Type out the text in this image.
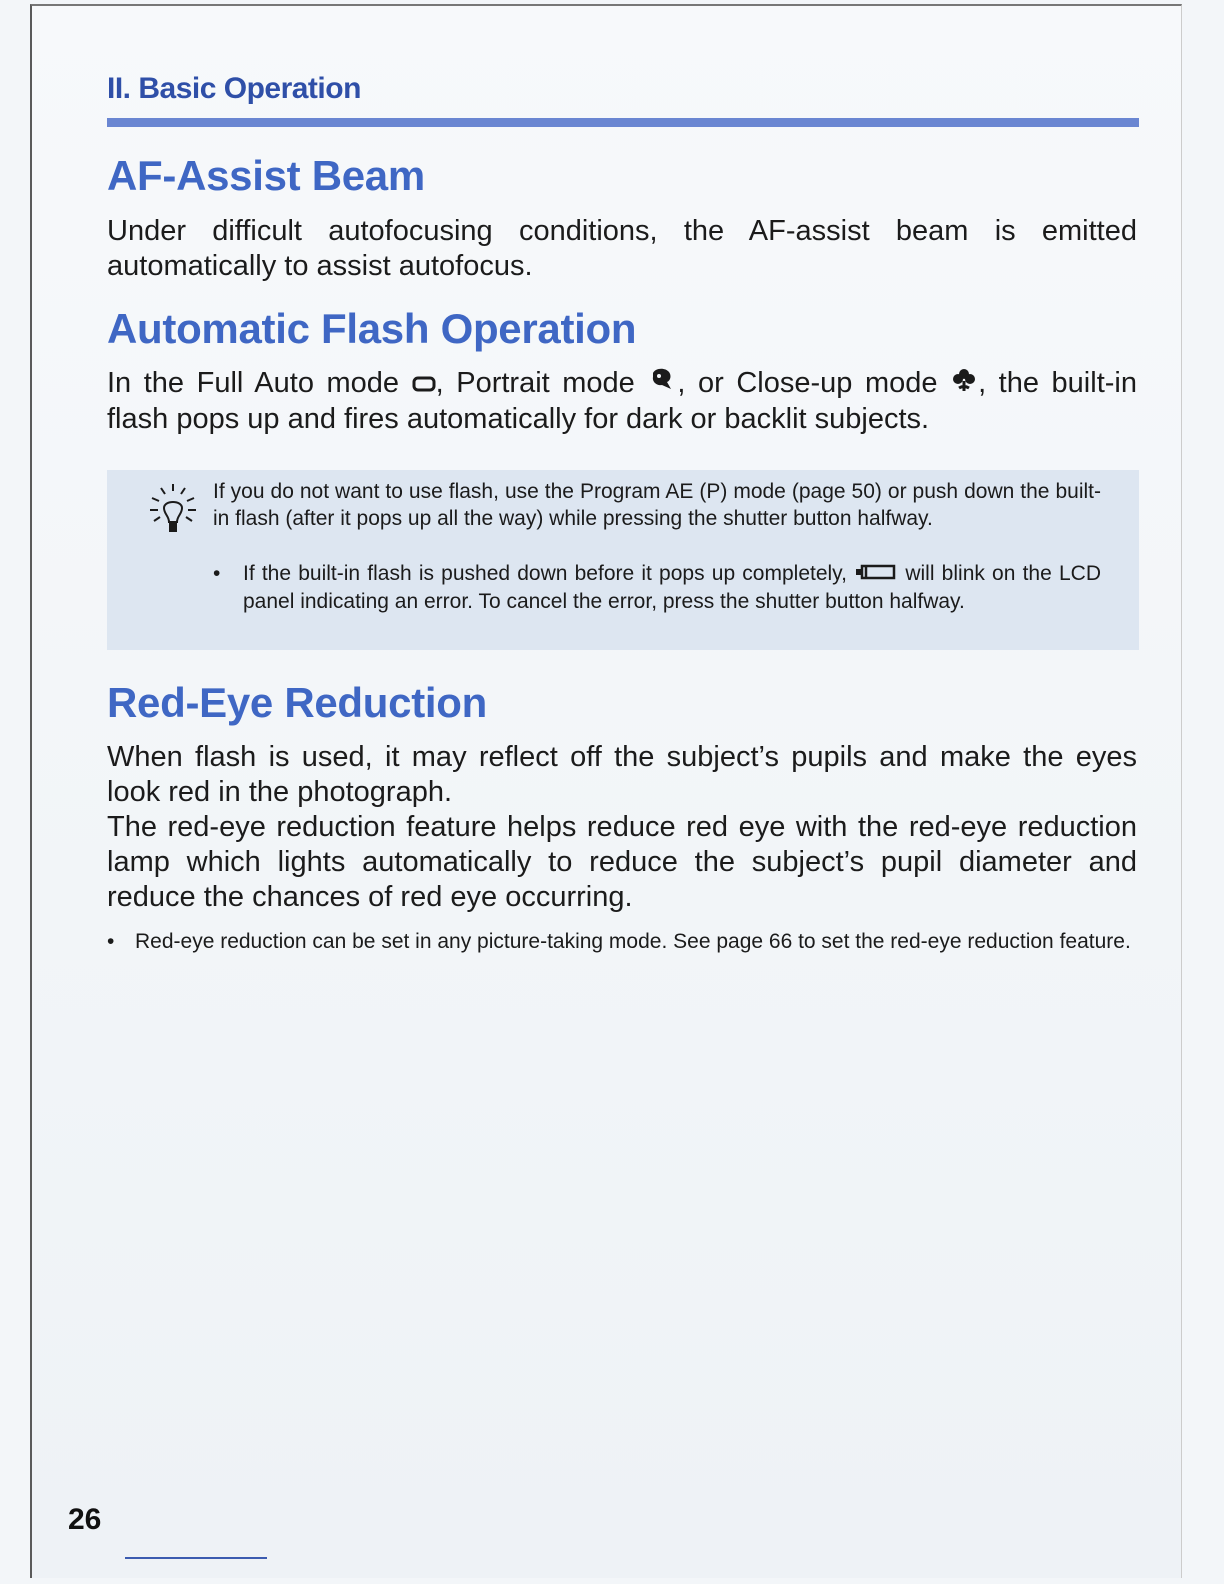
II. Basic Operation
AF-Assist Beam

Under difficult autofocusing conditions, the AF-assist beam is emitted automatically to assist autofocus.

Automatic Flash Operation

In the Full Auto mode , Portrait mode , or Close-up mode , the built-in flash pops up and fires automatically for dark or backlit subjects.

If you do not want to use flash, use the Program AE (P) mode (page 50) or push down the built-in flash (after it pops up all the way) while pressing the shutter button halfway.

• If the built-in flash is pushed down before it pops up completely,  will blink on the LCD panel indicating an error. To cancel the error, press the shutter button halfway.

Red-Eye Reduction

When flash is used, it may reflect off the subject’s pupils and make the eyes look red in the photograph.

The red-eye reduction feature helps reduce red eye with the red-eye reduction lamp which lights automatically to reduce the subject’s pupil diameter and reduce the chances of red eye occurring.

• Red-eye reduction can be set in any picture-taking mode. See page 66 to set the red-eye reduction feature.

26
